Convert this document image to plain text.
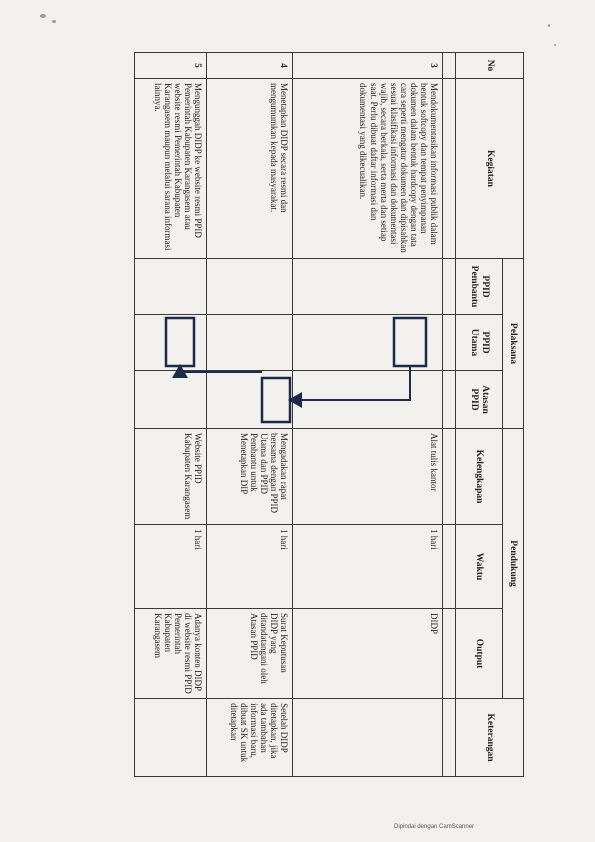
No	Kegiatan	Pelaksana			Pendukung			Keterangan
		PPID Pembantu	PPID Utama	Atasan PPID	Kelengkapan	Waktu	Output	

3	Mendokumentasikan informasi publik dalam bentuk softcopy dan tempat penyimpanan dokumen dalam bentuk hardcopy dengan tata cara seperti mengatur dokumen dan dipisahkan sesuai klasifikasi informasi dan dokumentasi wajib, secara berkala, serta merta dan setiap saat. Perlu dibuat daftar informasi dan dokumentasi yang dikecualikan.				Alat tulis kantor	1 hari	DIDP	
4	Menetapkan DIDP secara resmi dan mengumumkan kepada masyarakat.				Mengadakan rapat bersama dengan PPID Utama dan PPID Pembantu untuk Menetapkan DIP	1 hari	Surat Keputusan DIDP yang ditandatangani oleh Atasan PPID	Setelah DIDP ditetapkan, jika ada tambahan informasi baru, dibuat SK untuk ditetapkan
5	Mengunggah DIDP ke website resmi PPID Pemerintah Kabupaten Karangasem atau website resmi Pemerintah Kabupaten Karangasem maupun melalui sarana informasi lainnya.				Website PPID Kabupaten Karangasem	1 hari	Adanya konten DIDP di website resmi PPID Pemerintah Kabupaten Karangasem	
Dipindai dengan CamScanner
